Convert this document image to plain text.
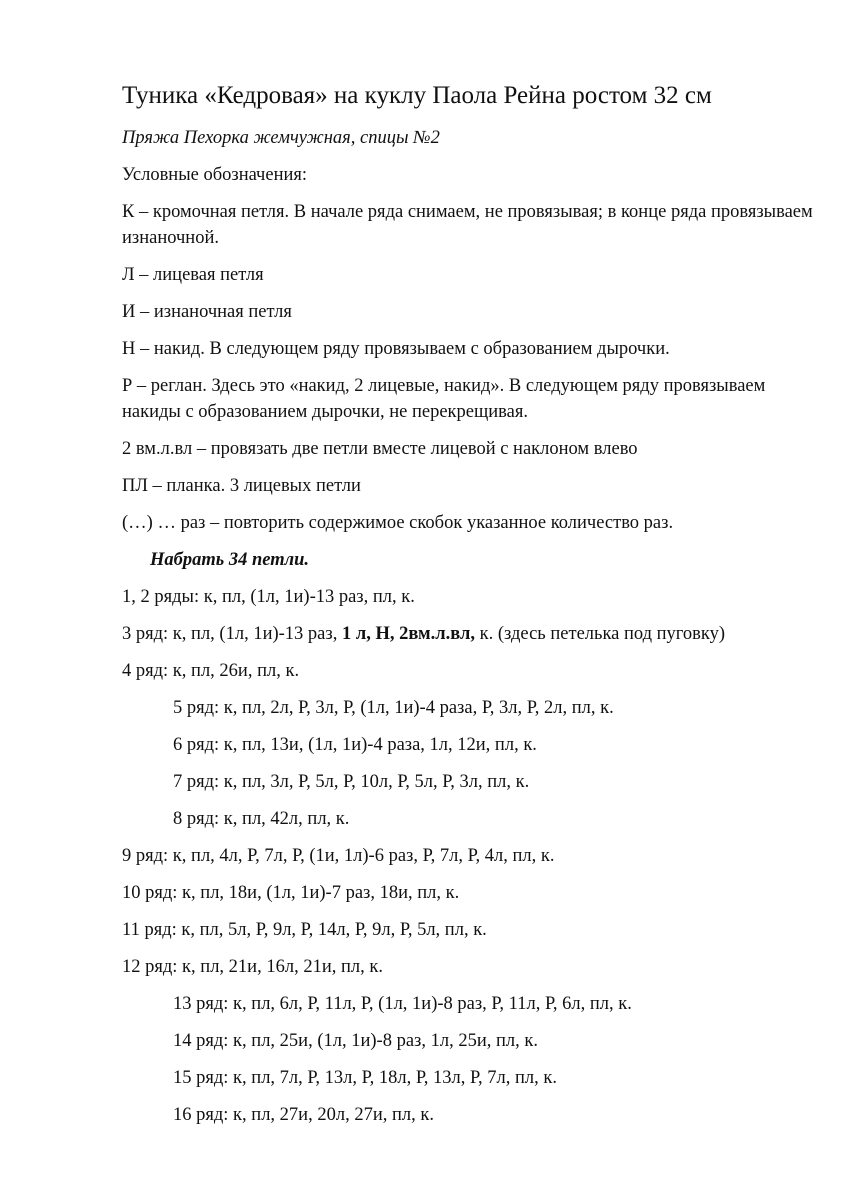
Туника «Кедровая» на куклу Паола Рейна ростом 32 см

Пряжа Пехорка жемчужная, спицы №2

Условные обозначения:

К – кромочная петля. В начале ряда снимаем, не провязывая; в конце ряда провязываем изнаночной.

Л – лицевая петля

И – изнаночная петля

Н – накид. В следующем ряду провязываем с образованием дырочки.

Р – реглан. Здесь это «накид, 2 лицевые, накид». В следующем ряду провязываем накиды с образованием дырочки, не перекрещивая.

2 вм.л.вл – провязать две петли вместе лицевой с наклоном влево

ПЛ – планка. 3 лицевых петли

(…) … раз – повторить содержимое скобок указанное количество раз.

Набрать 34 петли.

1, 2 ряды: к, пл, (1л, 1и)-13 раз, пл, к.

3 ряд: к, пл, (1л, 1и)-13 раз, 1 л, Н, 2вм.л.вл, к. (здесь петелька под пуговку)

4 ряд: к, пл, 26и, пл, к.

5 ряд: к, пл, 2л, Р, 3л, Р, (1л, 1и)-4 раза, Р, 3л, Р, 2л, пл, к.

6 ряд: к, пл, 13и, (1л, 1и)-4 раза, 1л, 12и, пл, к.

7 ряд: к, пл, 3л, Р, 5л, Р, 10л, Р, 5л, Р, 3л, пл, к.

8 ряд: к, пл, 42л, пл, к.

9 ряд: к, пл, 4л, Р, 7л, Р, (1и, 1л)-6 раз, Р, 7л, Р, 4л, пл, к.

10 ряд: к, пл, 18и, (1л, 1и)-7 раз, 18и, пл, к.

11 ряд: к, пл, 5л, Р, 9л, Р, 14л, Р, 9л, Р, 5л, пл, к.

12 ряд: к, пл, 21и, 16л, 21и, пл, к.

13 ряд: к, пл, 6л, Р, 11л, Р, (1л, 1и)-8 раз, Р, 11л, Р, 6л, пл, к.

14 ряд: к, пл, 25и, (1л, 1и)-8 раз, 1л, 25и, пл, к.

15 ряд: к, пл, 7л, Р, 13л, Р, 18л, Р, 13л, Р, 7л, пл, к.

16 ряд: к, пл, 27и, 20л, 27и, пл, к.
